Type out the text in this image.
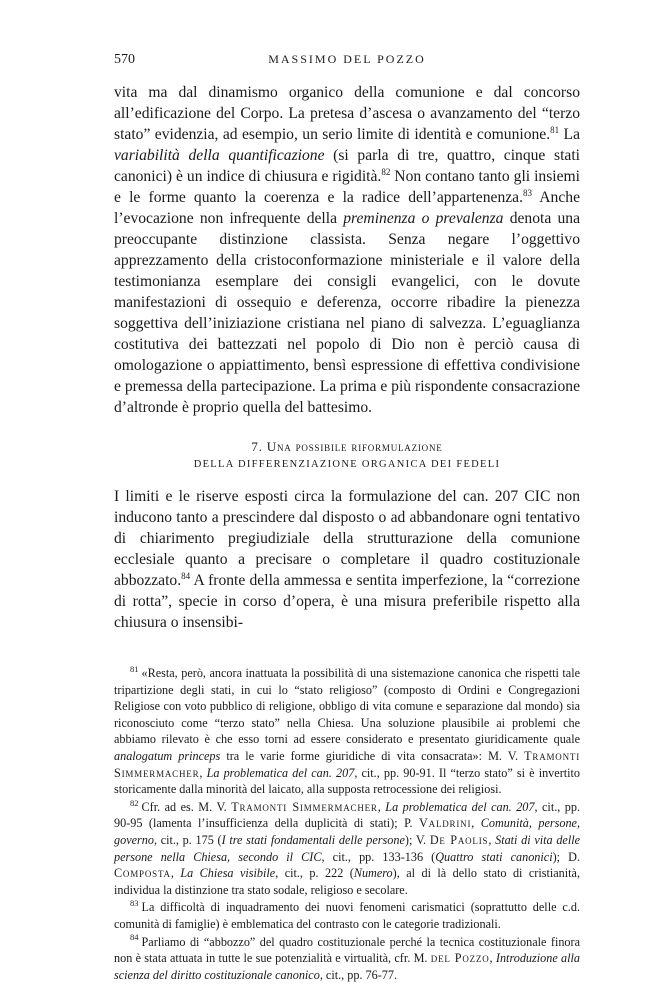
570	MASSIMO DEL POZZO

vita ma dal dinamismo organico della comunione e dal concorso all’edificazione del Corpo. La pretesa d’ascesa o avanzamento del “terzo stato” evidenzia, ad esempio, un serio limite di identità e comunione.$^{81}$ La variabilità della quantificazione (si parla di tre, quattro, cinque stati canonici) è un indice di chiusura e rigidità.$^{82}$ Non contano tanto gli insiemi e le forme quanto la coerenza e la radice dell’appartenenza.$^{83}$ Anche l’evocazione non infrequente della preminenza o prevalenza denota una preoccupante distinzione classista. Senza negare l’oggettivo apprezzamento della cristoconformazione ministeriale e il valore della testimonianza esemplare dei consigli evangelici, con le dovute manifestazioni di ossequio e deferenza, occorre ribadire la pienezza soggettiva dell’iniziazione cristiana nel piano di salvezza. L’eguaglianza costitutiva dei battezzati nel popolo di Dio non è perciò causa di omologazione o appiattimento, bensì espressione di effettiva condivisione e premessa della partecipazione. La prima e più rispondente consacrazione d’altronde è proprio quella del battesimo.

7. Una possibile riformulazione
DELLA DIFFERENZIAZIONE ORGANICA DEI FEDELI

I limiti e le riserve esposti circa la formulazione del can. 207 CIC non inducono tanto a prescindere dal disposto o ad abbandonare ogni tentativo di chiarimento pregiudiziale della strutturazione della comunione ecclesiale quanto a precisare o completare il quadro costituzionale abbozzato.$^{84}$ A fronte della ammessa e sentita imperfezione, la “correzione di rotta”, specie in corso d’opera, è una misura preferibile rispetto alla chiusura o insensibi-

$^{81}$ «Resta, però, ancora inattuata la possibilità di una sistemazione canonica che rispetti tale tripartizione degli stati, in cui lo “stato religioso” (composto di Ordini e Congregazioni Religiose con voto pubblico di religione, obbligo di vita comune e separazione dal mondo) sia riconosciuto come “terzo stato” nella Chiesa. Una soluzione plausibile ai problemi che abbiamo rilevato è che esso torni ad essere considerato e presentato giuridicamente quale analogatum princeps tra le varie forme giuridiche di vita consacrata»: M. V. Tramonti Simmermacher, La problematica del can. 207, cit., pp. 90-91. Il “terzo stato” si è invertito storicamente dalla minorità del laicato, alla supposta retrocessione dei religiosi.

$^{82}$ Cfr. ad es. M. V. Tramonti Simmermacher, La problematica del can. 207, cit., pp. 90-95 (lamenta l’insufficienza della duplicità di stati); P. Valdrini, Comunità, persone, governo, cit., p. 175 (I tre stati fondamentali delle persone); V. De Paolis, Stati di vita delle persone nella Chiesa, secondo il CIC, cit., pp. 133-136 (Quattro stati canonici); D. Composta, La Chiesa visibile, cit., p. 222 (Numero), al di là dello stato di cristianità, individua la distinzione tra stato sodale, religioso e secolare.

$^{83}$ La difficoltà di inquadramento dei nuovi fenomeni carismatici (soprattutto delle c.d. comunità di famiglie) è emblematica del contrasto con le categorie tradizionali.

$^{84}$ Parliamo di “abbozzo” del quadro costituzionale perché la tecnica costituzionale finora non è stata attuata in tutte le sue potenzialità e virtualità, cfr. M. del Pozzo, Introduzione alla scienza del diritto costituzionale canonico, cit., pp. 76-77.
